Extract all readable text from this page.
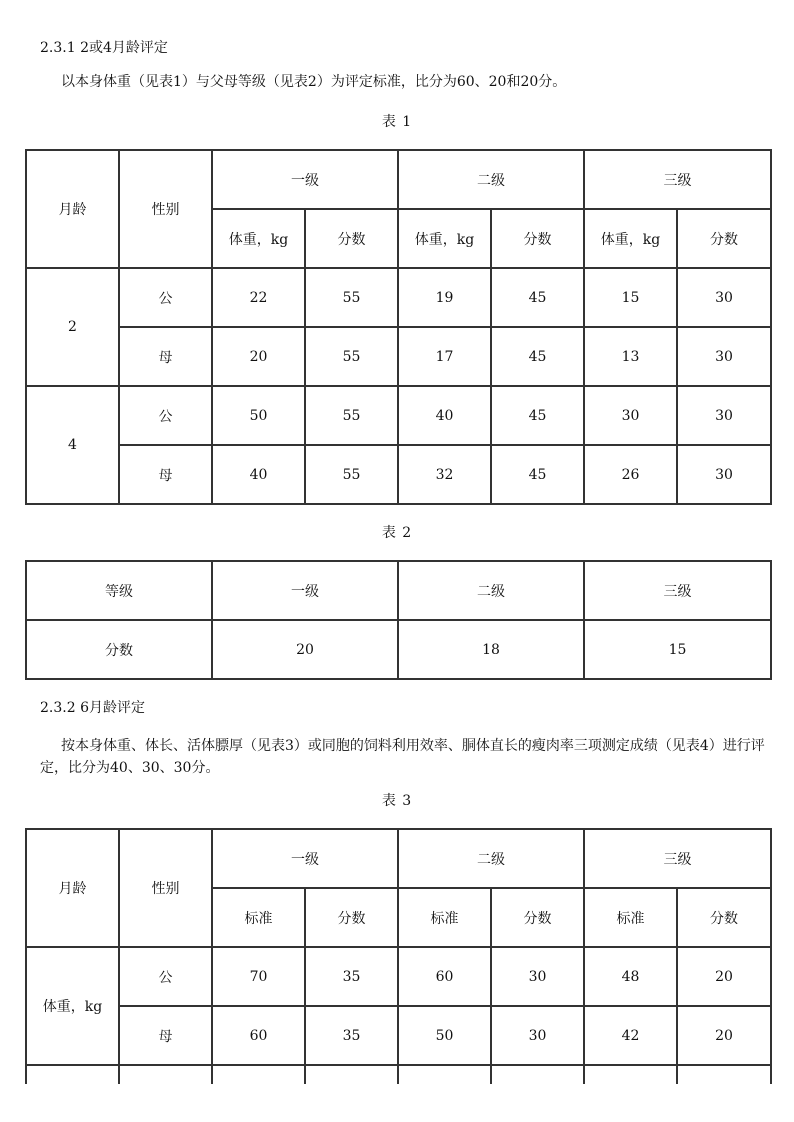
2.3.1 2或4月龄评定
以本身体重（见表1）与父母等级（见表2）为评定标准，比分为60、20和20分。
表 1
月龄	性别	一级		二级		三级	
		体重，kg	分数	体重，kg	分数	体重，kg	分数
2	公	22	55	19	45	15	30
	母	20	55	17	45	13	30
4	公	50	55	40	45	30	30
	母	40	55	32	45	26	30
表 2
等级	一级	二级	三级
分数	20	18	15
2.3.2 6月龄评定
按本身体重、体长、活体膘厚（见表3）或同胞的饲料利用效率、胴体直长的瘦肉率三项测定成绩（见表4）进行评定，比分为40、30、30分。
表 3
月龄	性别	一级		二级		三级	
		标准	分数	标准	分数	标准	分数
体重，kg	公	70	35	60	30	48	20
	母	60	35	50	30	42	20
